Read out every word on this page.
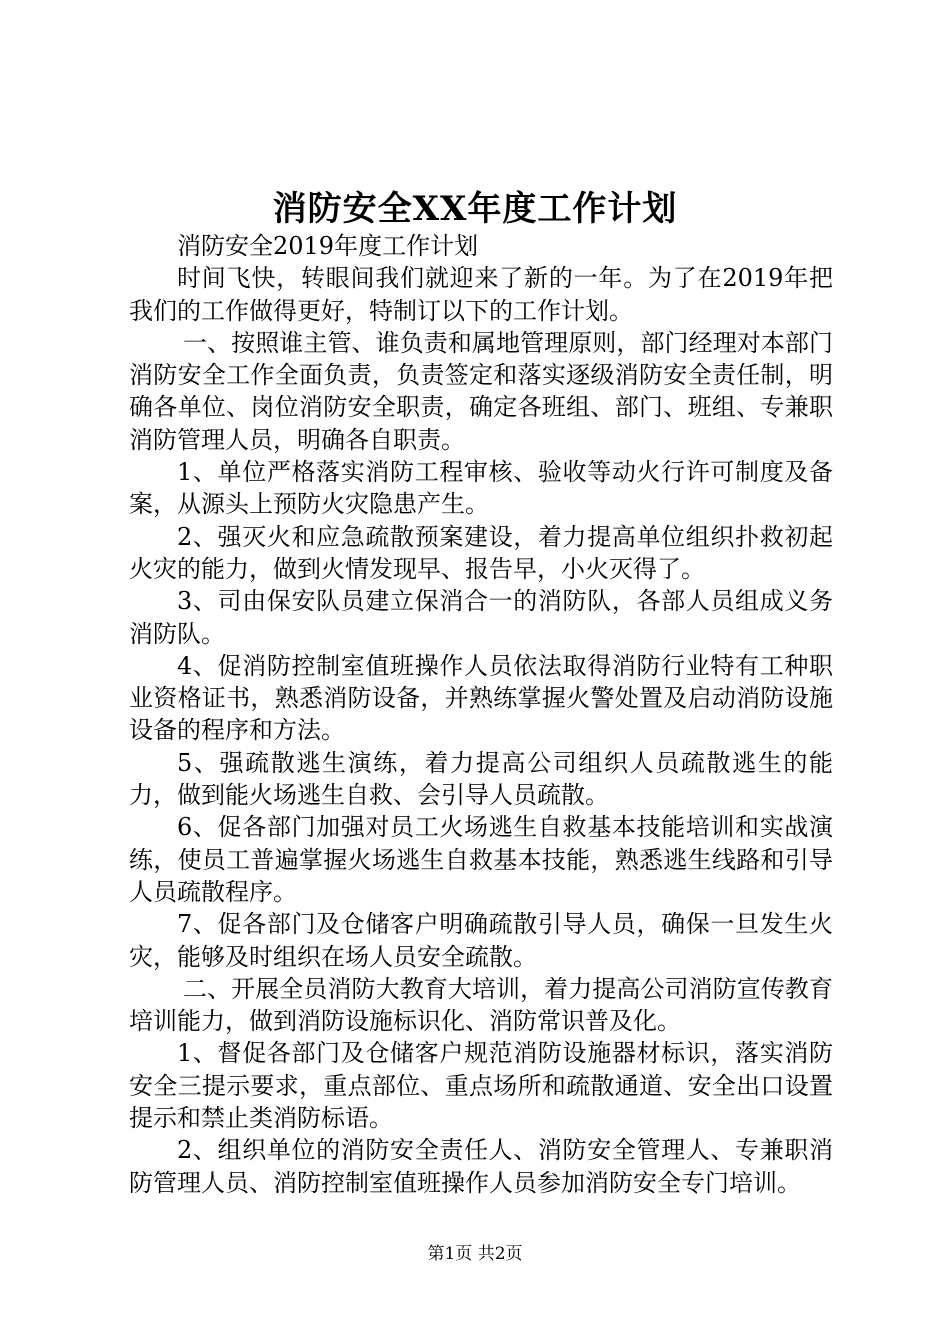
消防安全XX年度工作计划

消防安全2019年度工作计划

时间飞快，转眼间我们就迎来了新的一年。为了在2019年把我们的工作做得更好，特制订以下的工作计划。

一、按照谁主管、谁负责和属地管理原则，部门经理对本部门消防安全工作全面负责，负责签定和落实逐级消防安全责任制，明确各单位、岗位消防安全职责，确定各班组、部门、班组、专兼职消防管理人员，明确各自职责。

1、单位严格落实消防工程审核、验收等动火行许可制度及备案，从源头上预防火灾隐患产生。

2、强灭火和应急疏散预案建设，着力提高单位组织扑救初起火灾的能力，做到火情发现早、报告早，小火灭得了。

3、司由保安队员建立保消合一的消防队，各部人员组成义务消防队。

4、促消防控制室值班操作人员依法取得消防行业特有工种职业资格证书，熟悉消防设备，并熟练掌握火警处置及启动消防设施设备的程序和方法。

5、强疏散逃生演练，着力提高公司组织人员疏散逃生的能力，做到能火场逃生自救、会引导人员疏散。

6、促各部门加强对员工火场逃生自救基本技能培训和实战演练，使员工普遍掌握火场逃生自救基本技能，熟悉逃生线路和引导人员疏散程序。

7、促各部门及仓储客户明确疏散引导人员，确保一旦发生火灾，能够及时组织在场人员安全疏散。

二、开展全员消防大教育大培训，着力提高公司消防宣传教育培训能力，做到消防设施标识化、消防常识普及化。

1、督促各部门及仓储客户规范消防设施器材标识，落实消防安全三提示要求，重点部位、重点场所和疏散通道、安全出口设置提示和禁止类消防标语。

2、组织单位的消防安全责任人、消防安全管理人、专兼职消防管理人员、消防控制室值班操作人员参加消防安全专门培训。

第1页 共2页
